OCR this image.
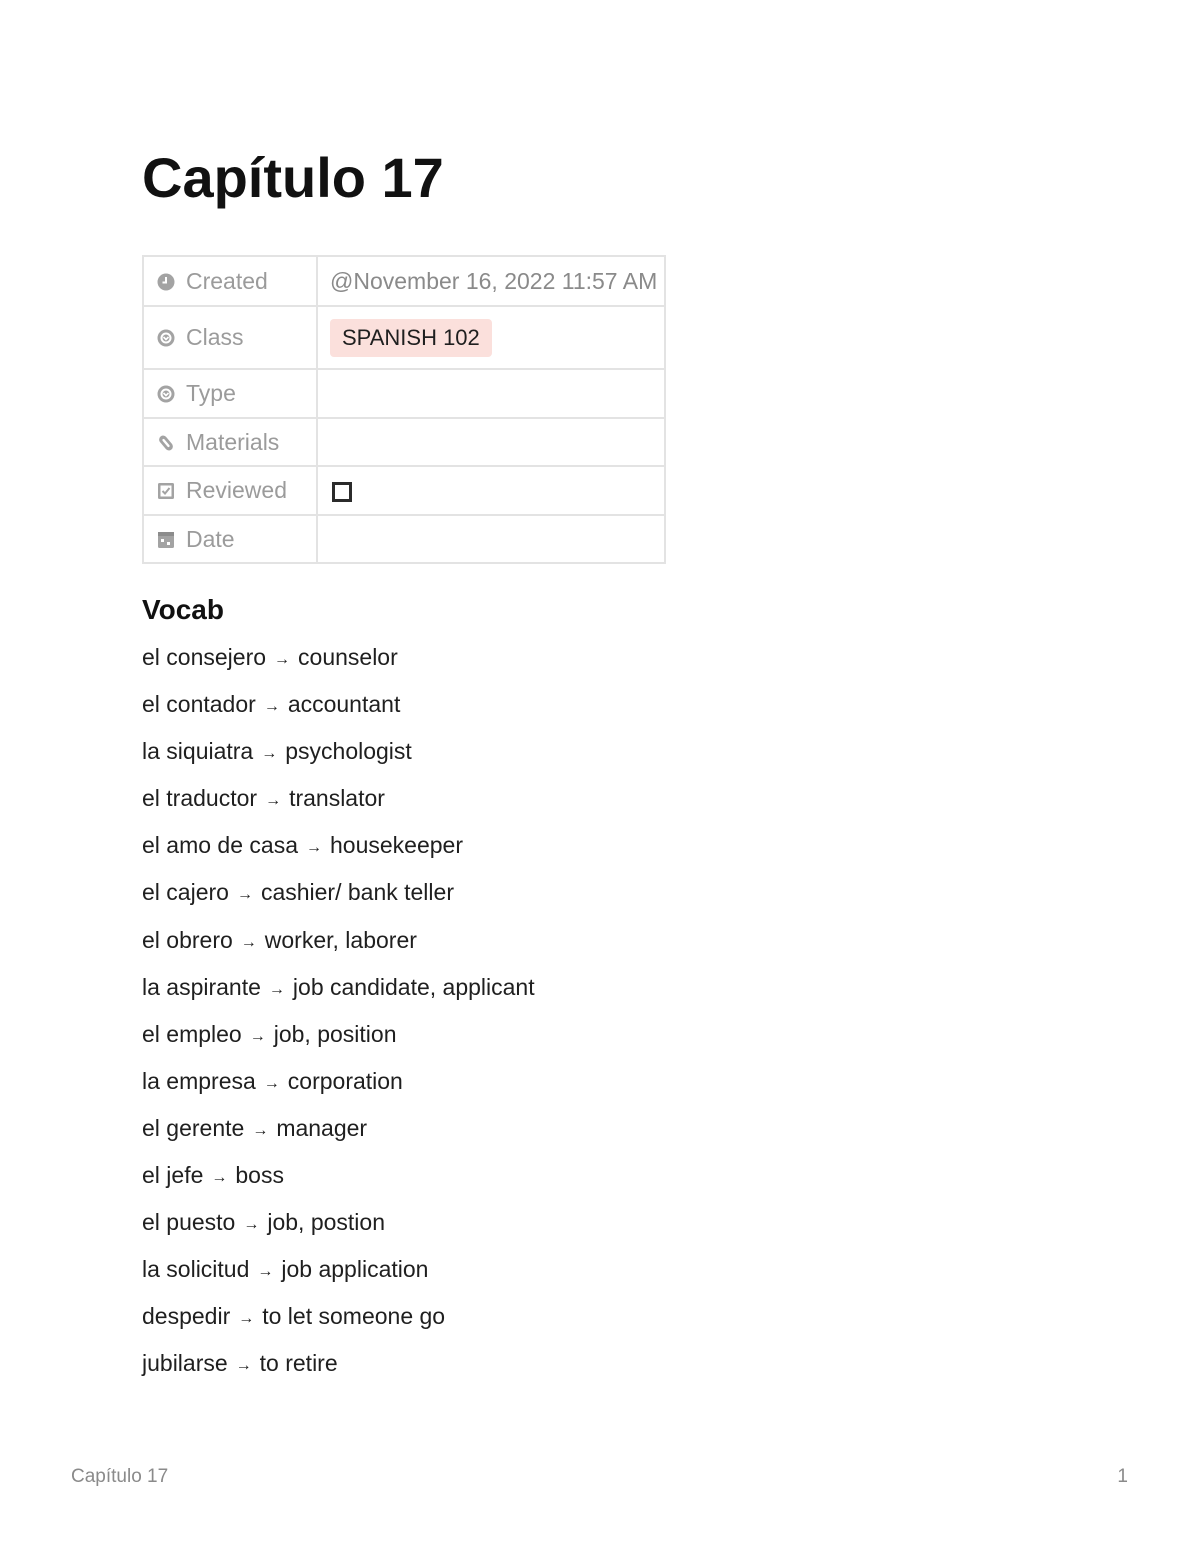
Capítulo 17
Created	@November 16, 2022 11:57 AM
Class	SPANISH 102
Type	
Materials	
Reviewed	
Date	
Vocab
el consejero → counselor
el contador → accountant
la siquiatra → psychologist
el traductor → translator
el amo de casa → housekeeper
el cajero → cashier/ bank teller
el obrero → worker, laborer
la aspirante → job candidate, applicant
el empleo → job, position
la empresa → corporation
el gerente → manager
el jefe → boss
el puesto → job, postion
la solicitud → job application
despedir → to let someone go
jubilarse → to retire
Capítulo 17	1
